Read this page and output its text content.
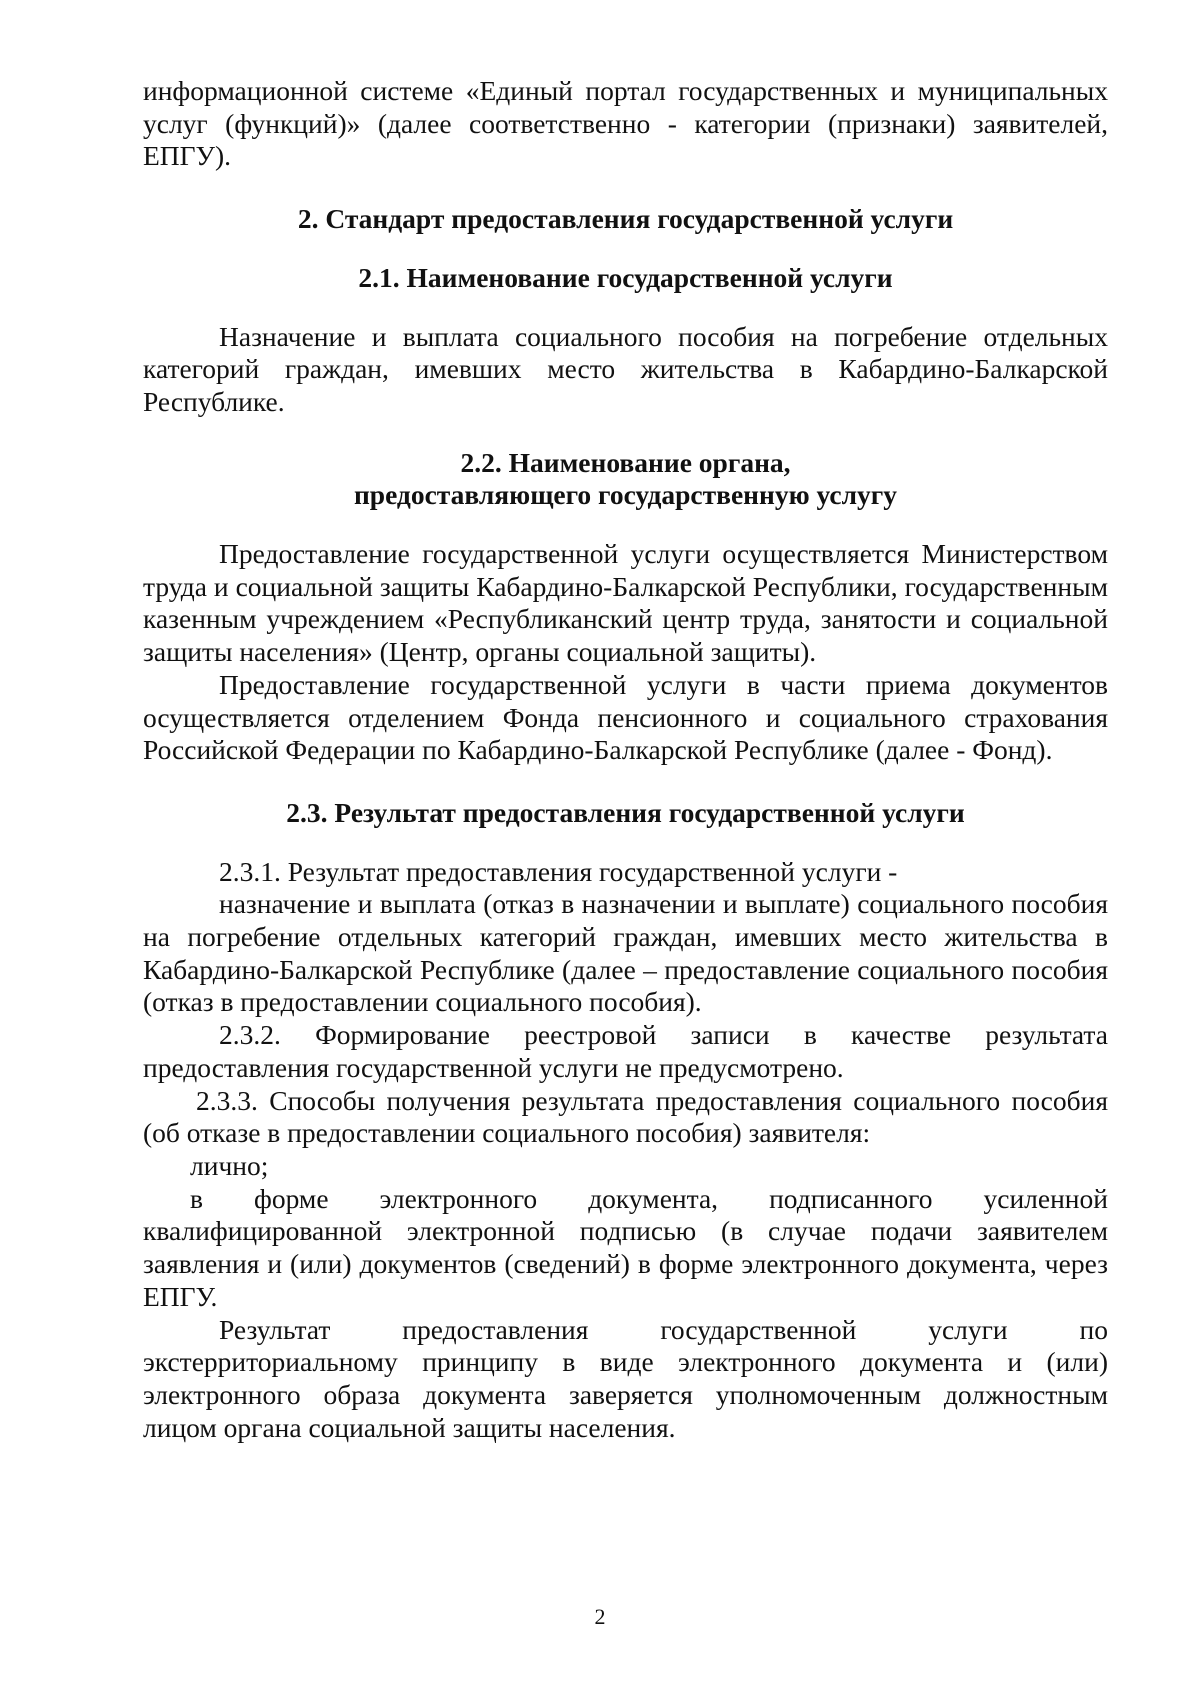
информационной системе «Единый портал государственных и муниципальных услуг (функций)» (далее соответственно - категории (признаки) заявителей, ЕПГУ).

2. Стандарт предоставления государственной услуги

2.1. Наименование государственной услуги

Назначение и выплата социального пособия на погребение отдельных категорий граждан, имевших место жительства в Кабардино-Балкарской Республике.

2.2. Наименование органа,

предоставляющего государственную услугу

Предоставление государственной услуги осуществляется Министерством труда и социальной защиты Кабардино-Балкарской Республики, государственным казенным учреждением «Республиканский центр труда, занятости и социальной защиты населения» (Центр, органы социальной защиты).

Предоставление государственной услуги в части приема документов осуществляется отделением Фонда пенсионного и социального страхования Российской Федерации по Кабардино-Балкарской Республике (далее - Фонд).

2.3. Результат предоставления государственной услуги

2.3.1. Результат предоставления государственной услуги -

назначение и выплата (отказ в назначении и выплате) социального пособия на погребение отдельных категорий граждан, имевших место жительства в Кабардино-Балкарской Республике (далее – предоставление социального пособия (отказ в предоставлении социального пособия).

2.3.2. Формирование реестровой записи в качестве результата предоставления государственной услуги не предусмотрено.

2.3.3. Способы получения результата предоставления социального пособия (об отказе в предоставлении социального пособия) заявителя:

лично;

в форме электронного документа, подписанного усиленной квалифицированной электронной подписью (в случае подачи заявителем заявления и (или) документов (сведений) в форме электронного документа, через ЕПГУ.

Результат предоставления государственной услуги по экстерриториальному принципу в виде электронного документа и (или) электронного образа документа заверяется уполномоченным должностным лицом органа социальной защиты населения.

2
